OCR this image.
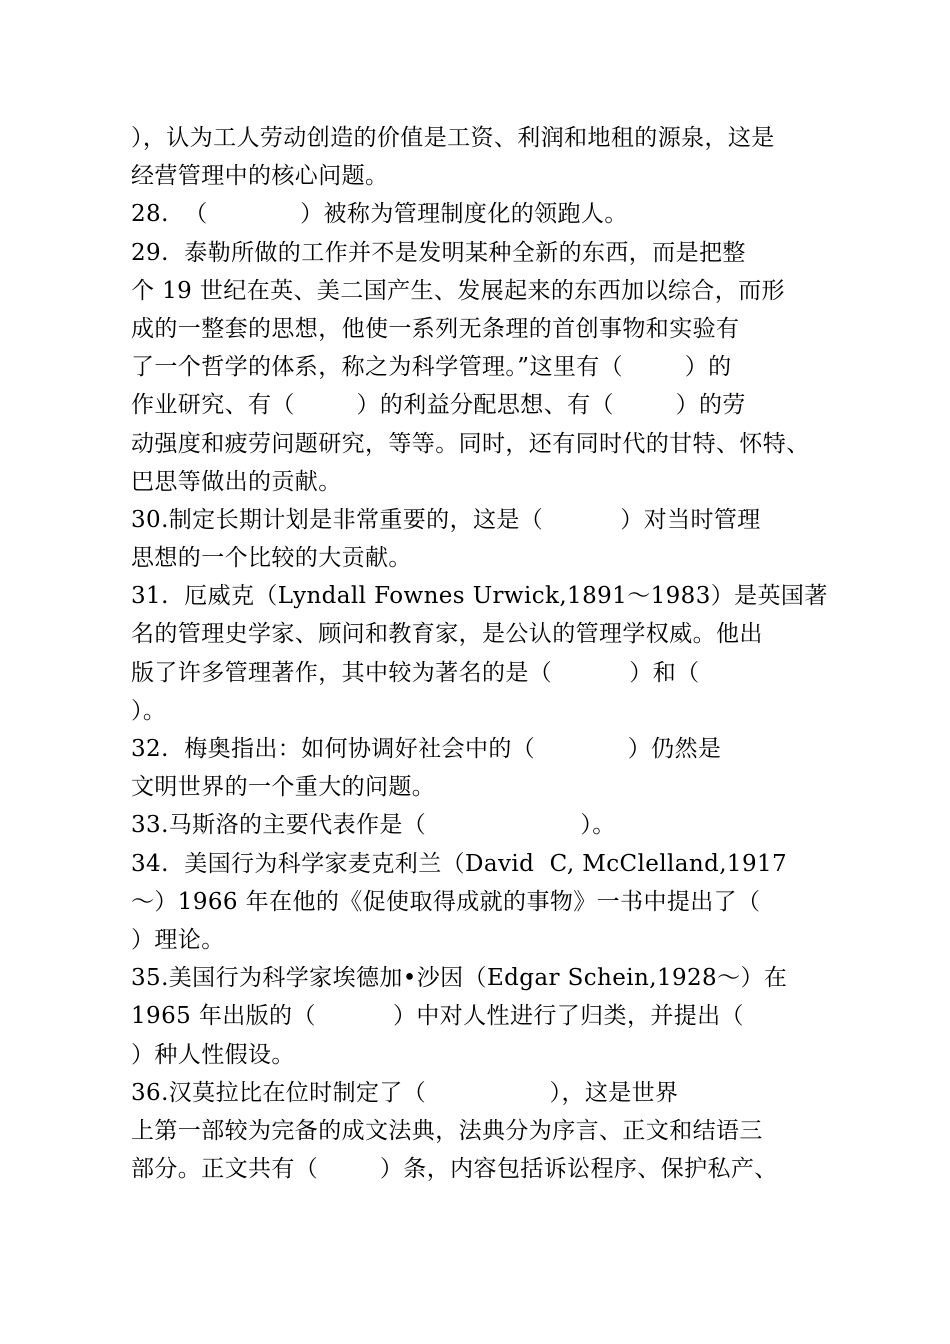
），认为工人劳动创造的价值是工资、利润和地租的源泉，这是
经营管理中的核心问题。
28.  （            ）被称为管理制度化的领跑人。
29.  泰勒所做的工作并不是发明某种全新的东西，而是把整
个 19 世纪在英、美二国产生、发展起来的东西加以综合，而形
成的一整套的思想，他使一系列无条理的首创事物和实验有
了一个哲学的体系，称之为科学管理。”这里有（        ）的
作业研究、有（        ）的利益分配思想、有（        ）的劳
动强度和疲劳问题研究，等等。同时，还有同时代的甘特、怀特、
巴思等做出的贡献。
30.制定长期计划是非常重要的，这是（          ）对当时管理
思想的一个比较的大贡献。
31.  厄威克（Lyndall Fownes Urwick,1891～1983）是英国著
名的管理史学家、顾问和教育家，是公认的管理学权威。他出
版了许多管理著作，其中较为著名的是（          ）和（
）。
32.  梅奥指出：如何协调好社会中的（            ）仍然是
文明世界的一个重大的问题。
33.马斯洛的主要代表作是（                    ）。
34.  美国行为科学家麦克利兰（David  C, McClelland,1917
～）1966 年在他的《促使取得成就的事物》一书中提出了（
）理论。
35.美国行为科学家埃德加•沙因（Edgar Schein,1928～）在
1965 年出版的（          ）中对人性进行了归类，并提出（
）种人性假设。
36.汉莫拉比在位时制定了（                ），这是世界
上第一部较为完备的成文法典，法典分为序言、正文和结语三
部分。正文共有（        ）条，内容包括诉讼程序、保护私产、
